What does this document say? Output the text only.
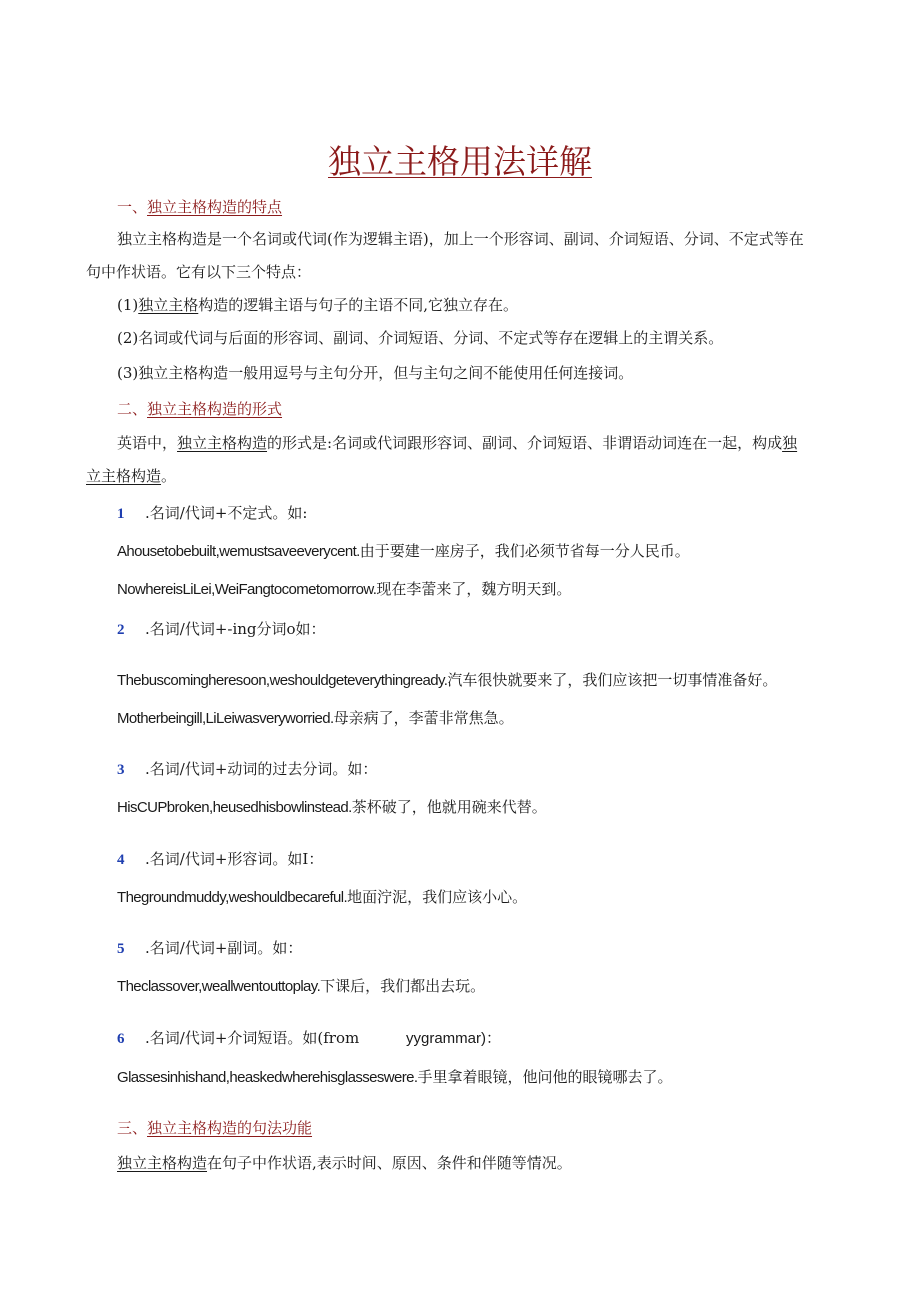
独立主格用法详解
一、独立主格构造的特点
独立主格构造是一个名词或代词(作为逻辑主语)，加上一个形容词、副词、介词短语、分词、不定式等在
句中作状语。它有以下三个特点：
(1)独立主格构造的逻辑主语与句子的主语不同,它独立存在。
(2)名词或代词与后面的形容词、副词、介词短语、分词、不定式等存在逻辑上的主谓关系。
(3)独立主格构造一般用逗号与主句分开，但与主句之间不能使用任何连接词。
二、独立主格构造的形式
英语中，独立主格构造的形式是:名词或代词跟形容词、副词、介词短语、非谓语动词连在一起，构成独
立主格构造。
1 .名词/代词+不定式。如:
Ahousetobebuilt,wemustsaveeverycent.由于要建一座房子，我们必须节省每一分人民币。
NowhereisLiLei,WeiFangtocometomorrow.现在李蕾来了，魏方明天到。
2 .名词/代词+-ing分词o如：
Thebuscomingheresoon,weshouldgeteverythingready.汽车很快就要来了，我们应该把一切事情准备好。
Motherbeingill,LiLeiwasveryworried.母亲病了，李蕾非常焦急。
3 .名词/代词+动词的过去分词。如：
HisCUPbroken,heusedhisbowlinstead.茶杯破了，他就用碗来代替。
4 .名词/代词+形容词。如I：
Thegroundmuddy,weshouldbecareful.地面泞泥，我们应该小心。
5 .名词/代词+副词。如：
Theclassover,weallwentouttoplay.下课后，我们都出去玩。
6 .名词/代词+介词短语。如(from	yygrammar)：
Glassesinhishand,heaskedwherehisglasseswere.手里拿着眼镜，他问他的眼镜哪去了。
三、独立主格构造的句法功能
独立主格构造在句子中作状语,表示时间、原因、条件和伴随等情况。
